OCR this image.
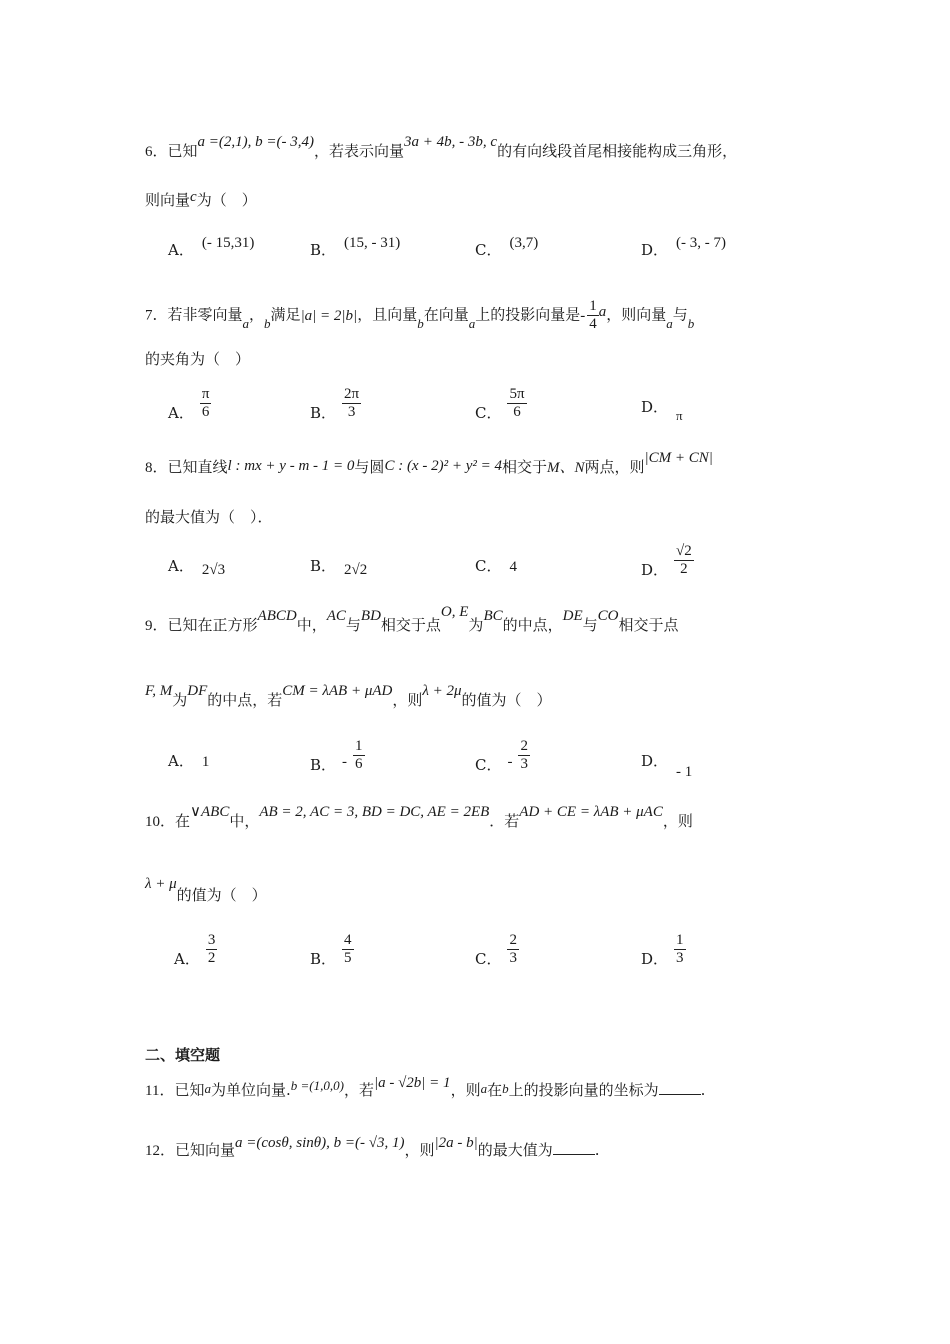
6．已知a =(2,1), b =(- 3,4)，若表示向量3a + 4b, - 3b, c的有向线段首尾相接能构成三角形，
则向量c为（　）
A． (- 15,31)	B． (15, - 31)	C． (3,7)	D． (- 3, - 7)
7．若非零向量a，b满足|a| = 2|b|，且向量b在向量a上的投影向量是- $\frac{1}{4}$ a，则向量a与b
的夹角为（　）
A． $\frac{\pi}{6}$	B． $\frac{2\pi}{3}$	C． $\frac{5\pi}{6}$	D． π
8．已知直线l : mx + y - m - 1 = 0与圆C : (x - 2)² + y² = 4相交于M、N两点，则|CM + CN|
的最大值为（　）．
A． 2√3	B． 2√2	C． 4	D． $\frac{√2}{2}$
9．已知在正方形ABCD中，AC与BD相交于点O, E为BC的中点，DE与CO相交于点
F, M为DF的中点，若CM = λAB + μAD，则λ + 2μ的值为（　）
A． 1	B． - $\frac{1}{6}$	C． - $\frac{2}{3}$	D．- 1
10．在∨ABC中，AB = 2, AC = 3, BD = DC, AE = 2EB．若AD + CE = λAB + μAC，则
λ + μ的值为（　）
A． $\frac{3}{2}$	B． $\frac{4}{5}$	C． $\frac{2}{3}$	D． $\frac{1}{3}$
二、填空题
11．已知a为单位向量.b =(1,0,0)，若|a - √2b| = 1，则a在b上的投影向量的坐标为	.
12．已知向量a =(cosθ, sinθ), b =(- √3, 1)，则|2a - b|的最大值为	.
